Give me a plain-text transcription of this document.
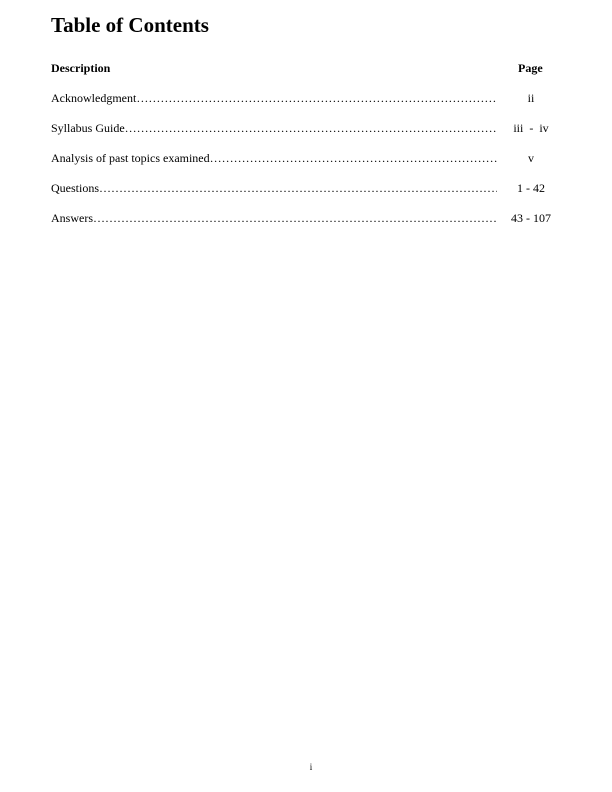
Table of Contents
Description	Page
Acknowledgment ……………………………………………………………………………………………………………………………………	ii
Syllabus Guide ……………………………………………………………………………………………………………………………………	iii  -  iv
Analysis of past topics examined ……………………………………………………………………………………………………………………………………	v
Questions ……………………………………………………………………………………………………………………………………	1 - 42
Answers ……………………………………………………………………………………………………………………………………	43 - 107
i
